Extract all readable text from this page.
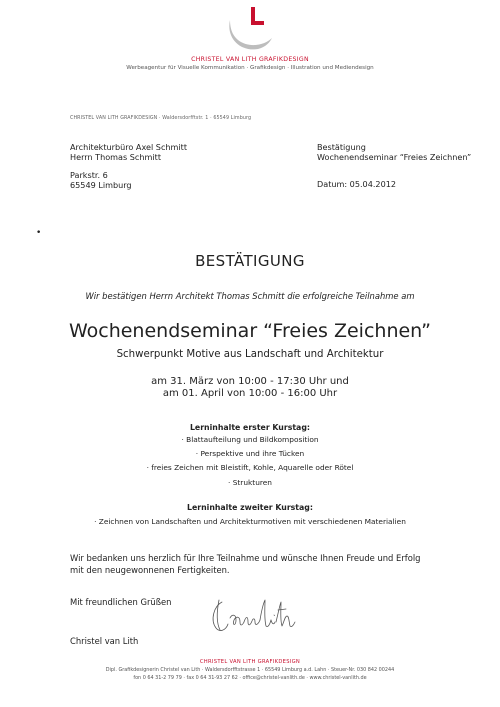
CHRISTEL VAN LITH GRAFIKDESIGN
Werbeagentur für Visuelle Kommunikation · Grafikdesign · Illustration und Mediendesign
CHRISTEL VAN LITH GRAFIKDESIGN · Waldersdorfftstr. 1 · 65549 Limburg
Architekturbüro Axel Schmitt
Herrn Thomas Schmitt
Parkstr. 6
65549 Limburg
Bestätigung
Wochenendseminar “Freies Zeichnen”
Datum: 05.04.2012
•
BESTÄTIGUNG
Wir bestätigen Herrn Architekt Thomas Schmitt die erfolgreiche Teilnahme am
Wochenendseminar “Freies Zeichnen”
Schwerpunkt Motive aus Landschaft und Architektur
am 31. März von 10:00 - 17:30 Uhr und
am 01. April von 10:00 - 16:00 Uhr
Lerninhalte erster Kurstag:
· Blattaufteilung und Bildkomposition
· Perspektive und ihre Tücken
· freies Zeichen mit Bleistift, Kohle, Aquarelle oder Rötel
· Strukturen
Lerninhalte zweiter Kurstag:
· Zeichnen von Landschaften und Architekturmotiven mit verschiedenen Materialien
Wir bedanken uns herzlich für Ihre Teilnahme und wünsche Ihnen Freude und Erfolg
mit den neugewonnenen Fertigkeiten.
Mit freundlichen Grüßen
Christel van Lith
CHRISTEL VAN LITH GRAFIKDESIGN
Dipl. Grafikdesignerin Christel van Lith · Waldersdorfftstrasse 1 · 65549 Limburg a.d. Lahn · Steuer-Nr. 030 842 00244
fon 0 64 31-2 79 79 · fax 0 64 31-93 27 62 · office@christel-vanlith.de · www.christel-vanlith.de
